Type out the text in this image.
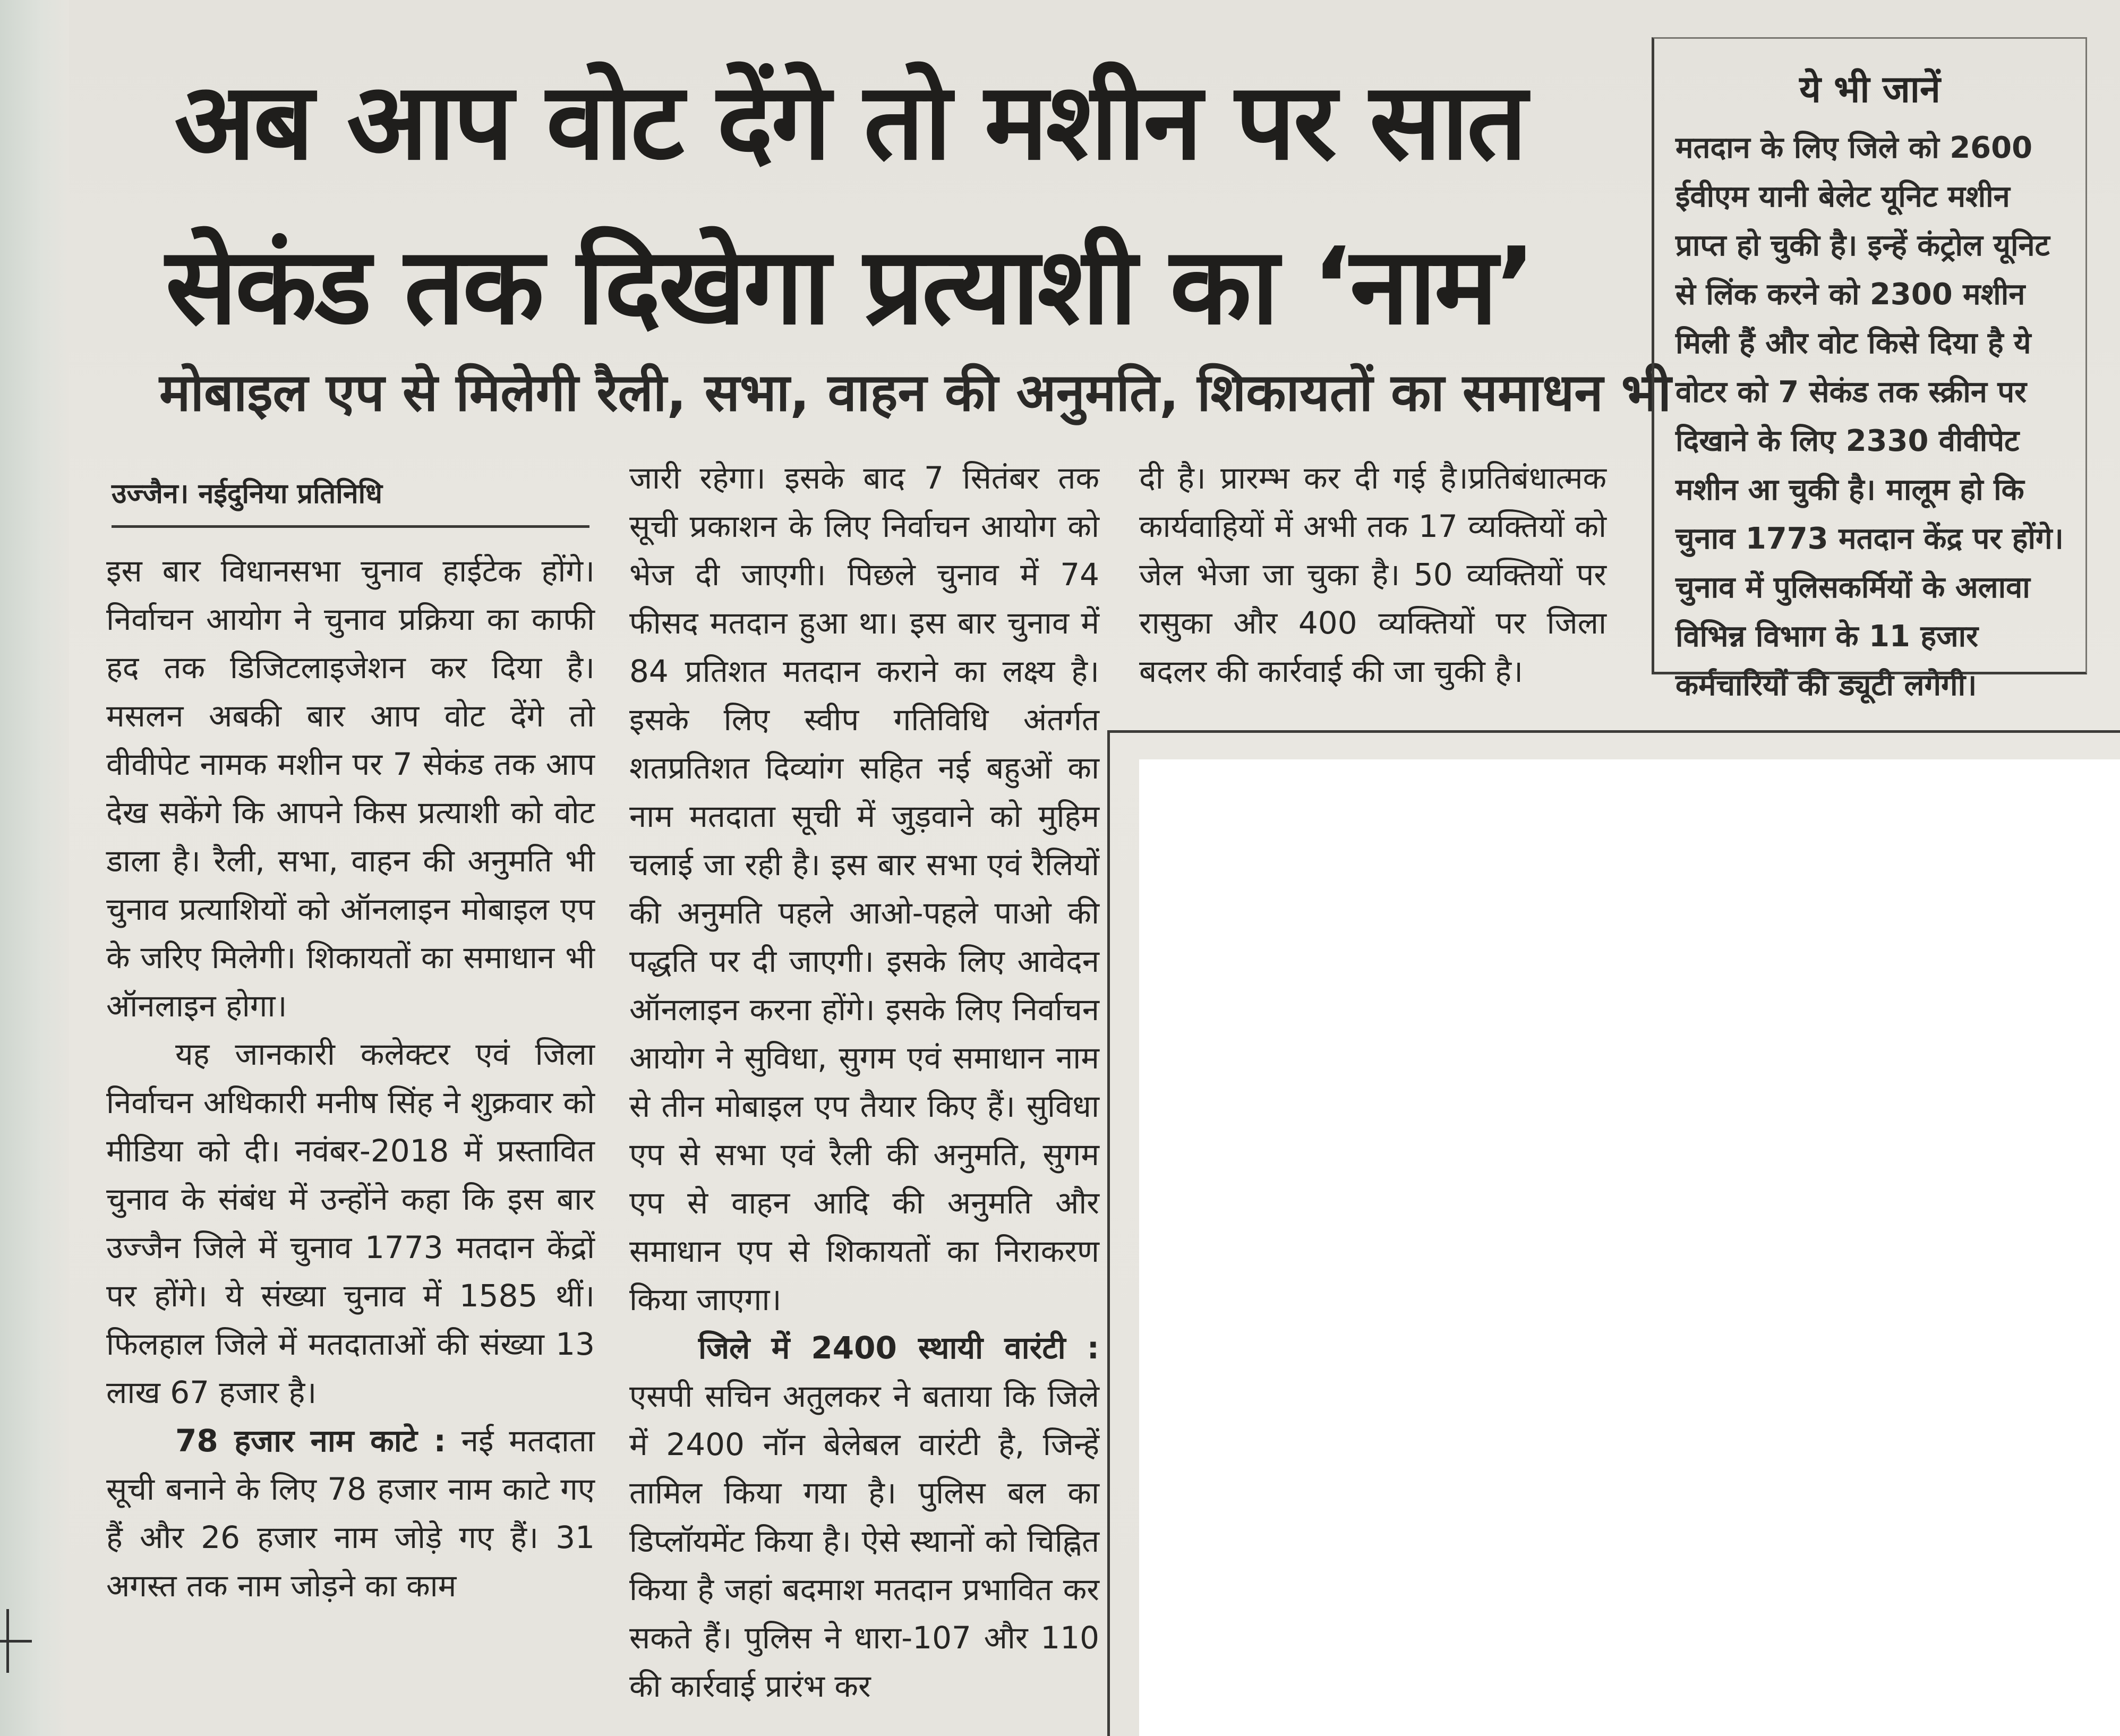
अब आप वोट देंगे तो मशीन पर सात
सेकंड तक दिखेगा प्रत्याशी का ‘नाम’
मोबाइल एप से मिलेगी रैली, सभा, वाहन की अनुमति, शिकायतों का समाधन भी
उज्जैन। नईदुनिया प्रतिनिधि

इस बार विधानसभा चुनाव हाईटेक होंगे। निर्वाचन आयोग ने चुनाव प्रक्रिया का काफी हद तक डिजिटलाइजेशन कर दिया है। मसलन अबकी बार आप वोट देंगे तो वीवीपेट नामक मशीन पर 7 सेकंड तक आप देख सकेंगे कि आपने किस प्रत्याशी को वोट डाला है। रैली, सभा, वाहन की अनुमति भी चुनाव प्रत्याशियों को ऑनलाइन मोबाइल एप के जरिए मिलेगी। शिकायतों का समाधान भी ऑनलाइन होगा।

यह जानकारी कलेक्टर एवं जिला निर्वाचन अधिकारी मनीष सिंह ने शुक्रवार को मीडिया को दी। नवंबर-2018 में प्रस्तावित चुनाव के संबंध में उन्होंने कहा कि इस बार उज्जैन जिले में चुनाव 1773 मतदान केंद्रों पर होंगे। ये संख्या चुनाव में 1585 थीं। फिलहाल जिले में मतदाताओं की संख्या 13 लाख 67 हजार है।

78 हजार नाम काटे : नई मतदाता सूची बनाने के लिए 78 हजार नाम काटे गए हैं और 26 हजार नाम जोड़े गए हैं। 31 अगस्त तक नाम जोड़ने का काम

जारी रहेगा। इसके बाद 7 सितंबर तक सूची प्रकाशन के लिए निर्वाचन आयोग को भेज दी जाएगी। पिछले चुनाव में 74 फीसद मतदान हुआ था। इस बार चुनाव में 84 प्रतिशत मतदान कराने का लक्ष्य है। इसके लिए स्वीप गतिविधि अंतर्गत शतप्रतिशत दिव्यांग सहित नई बहुओं का नाम मतदाता सूची में जुड़वाने को मुहिम चलाई जा रही है। इस बार सभा एवं रैलियों की अनुमति पहले आओ-पहले पाओ की पद्धति पर दी जाएगी। इसके लिए आवेदन ऑनलाइन करना होंगे। इसके लिए निर्वाचन आयोग ने सुविधा, सुगम एवं समाधान नाम से तीन मोबाइल एप तैयार किए हैं। सुविधा एप से सभा एवं रैली की अनुमति, सुगम एप से वाहन आदि की अनुमति और समाधान एप से शिकायतों का निराकरण किया जाएगा।

जिले में 2400 स्थायी वारंटी : एसपी सचिन अतुलकर ने बताया कि जिले में 2400 नॉन बेलेबल वारंटी है, जिन्हें तामिल किया गया है। पुलिस बल का डिप्लॉयमेंट किया है। ऐसे स्थानों को चिह्नित किया है जहां बदमाश मतदान प्रभावित कर सकते हैं। पुलिस ने धारा-107 और 110 की कार्रवाई प्रारंभ कर

दी है। प्रारम्भ कर दी गई है।प्रतिबंधात्मक कार्यवाहियों में अभी तक 17 व्यक्तियों को जेल भेजा जा चुका है। 50 व्यक्तियों पर रासुका और 400 व्यक्तियों पर जिला बदलर की कार्रवाई की जा चुकी है।

ये भी जानें
मतदान के लिए जिले को 2600 ईवीएम यानी बेलेट यूनिट मशीन प्राप्त हो चुकी है। इन्हें कंट्रोल यूनिट से लिंक करने को 2300 मशीन मिली हैं और वोट किसे दिया है ये वोटर को 7 सेकंड तक स्क्रीन पर दिखाने के लिए 2330 वीवीपेट मशीन आ चुकी है। मालूम हो कि चुनाव 1773 मतदान केंद्र पर होंगे। चुनाव में पुलिसकर्मियों के अलावा विभिन्न विभाग के 11 हजार कर्मचारियों की ड्यूटी लगेगी।
